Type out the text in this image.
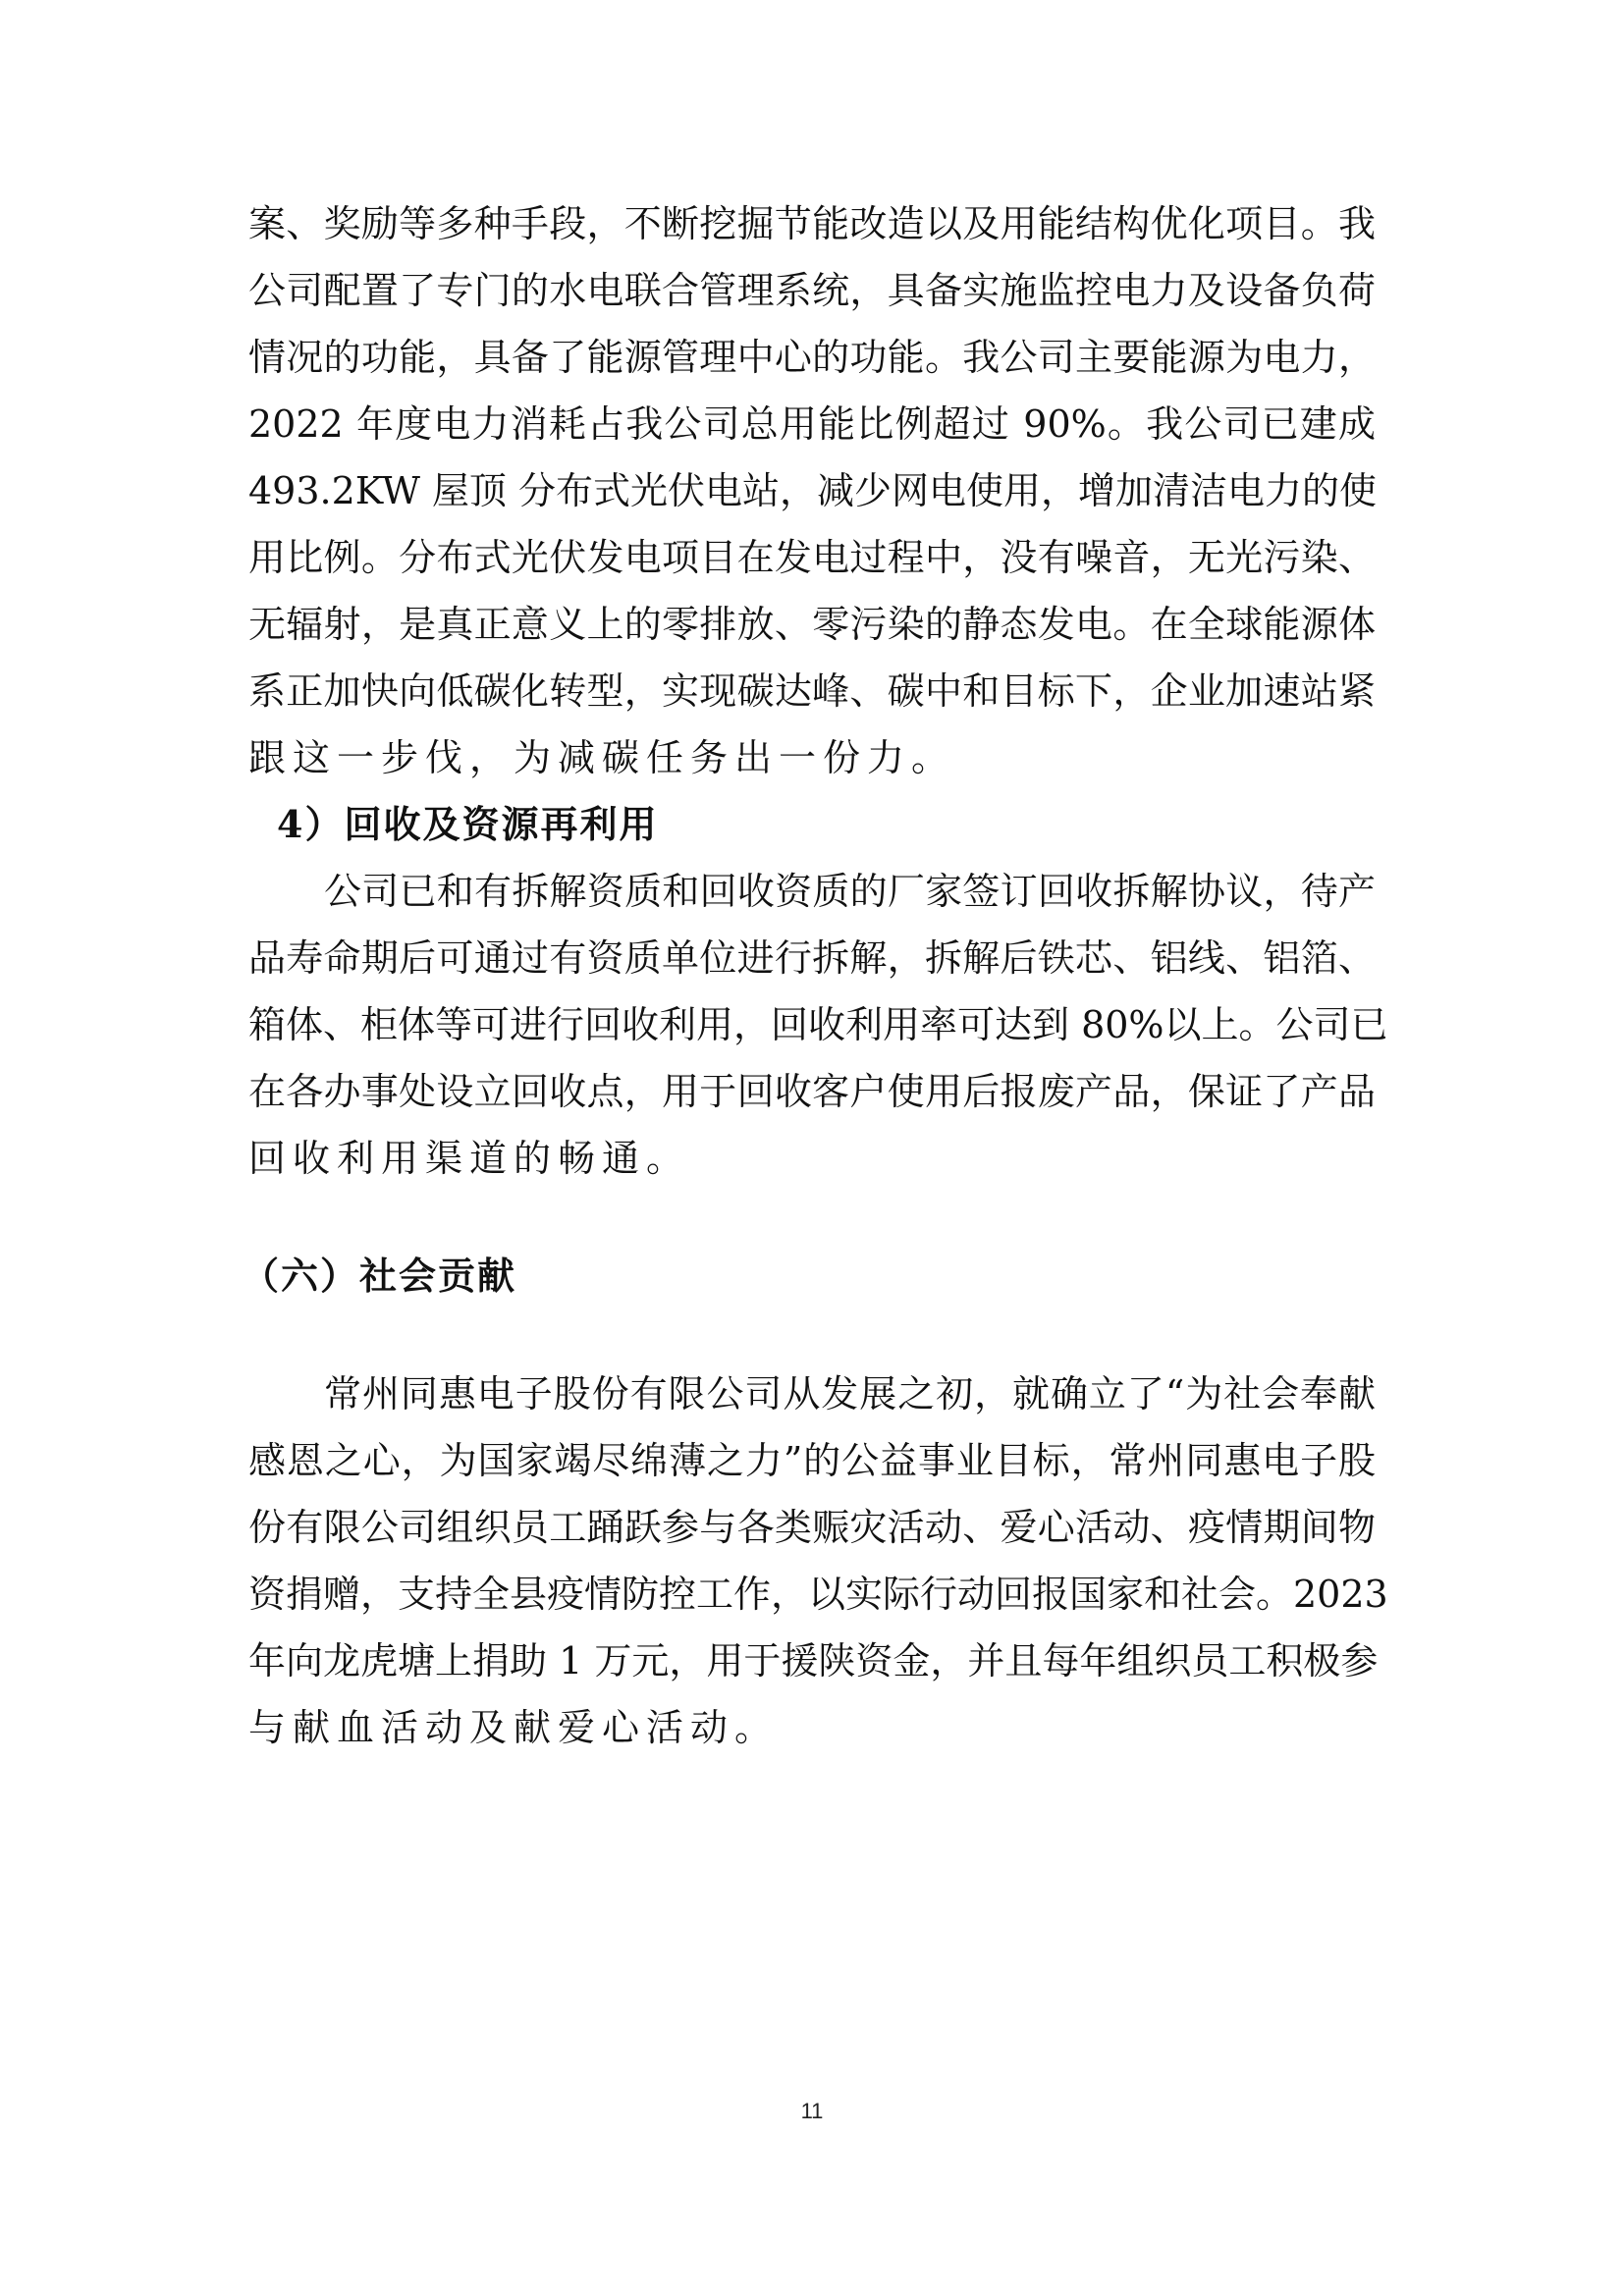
案、奖励等多种手段，不断挖掘节能改造以及用能结构优化项目。我
公司配置了专门的水电联合管理系统，具备实施监控电力及设备负荷
情况的功能，具备了能源管理中心的功能。我公司主要能源为电力，
2022 年度电力消耗占我公司总用能比例超过 90%。我公司已建成
493.2KW 屋顶 分布式光伏电站，减少网电使用，增加清洁电力的使
用比例。分布式光伏发电项目在发电过程中，没有噪音，无光污染、
无辐射，是真正意义上的零排放、零污染的静态发电。在全球能源体
系正加快向低碳化转型，实现碳达峰、碳中和目标下，企业加速站紧
跟这一步伐，为减碳任务出一份力。
4）回收及资源再利用
公司已和有拆解资质和回收资质的厂家签订回收拆解协议，待产
品寿命期后可通过有资质单位进行拆解，拆解后铁芯、铝线、铝箔、
箱体、柜体等可进行回收利用，回收利用率可达到 80%以上。公司已
在各办事处设立回收点，用于回收客户使用后报废产品，保证了产品
回收利用渠道的畅通。
（六）社会贡献
常州同惠电子股份有限公司从发展之初，就确立了“为社会奉献
感恩之心，为国家竭尽绵薄之力”的公益事业目标，常州同惠电子股
份有限公司组织员工踊跃参与各类赈灾活动、爱心活动、疫情期间物
资捐赠，支持全县疫情防控工作，以实际行动回报国家和社会。2023
年向龙虎塘上捐助 1 万元，用于援陕资金，并且每年组织员工积极参
与献血活动及献爱心活动。
11
